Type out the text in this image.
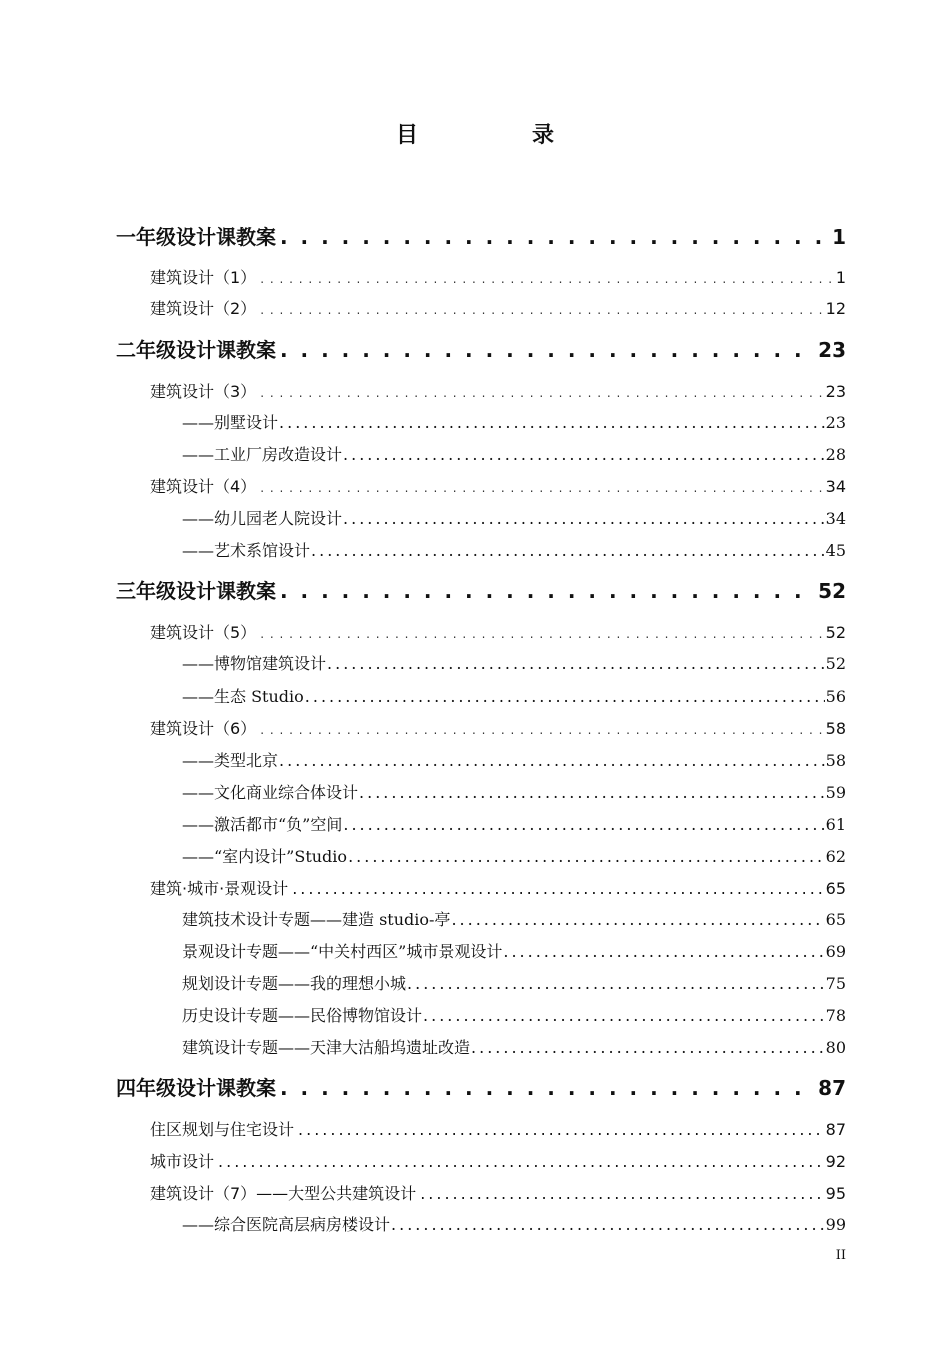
目　录
一年级设计课教案 . . .	1
建筑设计（1） . . .	1
建筑设计（2） . . .	12
二年级设计课教案 . . .	23
建筑设计（3） . . .	23
——别墅设计 .....	23
——工业厂房改造设计 .....	28
建筑设计（4） . . .	34
——幼儿园老人院设计 .....	34
——艺术系馆设计 .....	45
三年级设计课教案 . . .	52
建筑设计（5） . . .	52
——博物馆建筑设计 .....	52
——生态 Studio .....	56
建筑设计（6） . . .	58
——类型北京 .....	58
——文化商业综合体设计 .....	59
——激活都市“负”空间 .....	61
——“室内设计”Studio .....	62
建筑·城市·景观设计 .....	65
建筑技术设计专题——建造 studio-亭 .....	65
景观设计专题——“中关村西区”城市景观设计 .....	69
规划设计专题——我的理想小城 .....	75
历史设计专题——民俗博物馆设计 .....	78
建筑设计专题——天津大沽船坞遗址改造 .....	80
四年级设计课教案 . . .	87
住区规划与住宅设计 .....	87
城市设计 .....	92
建筑设计（7）——大型公共建筑设计 .....	95
——综合医院高层病房楼设计 .....	99
II
